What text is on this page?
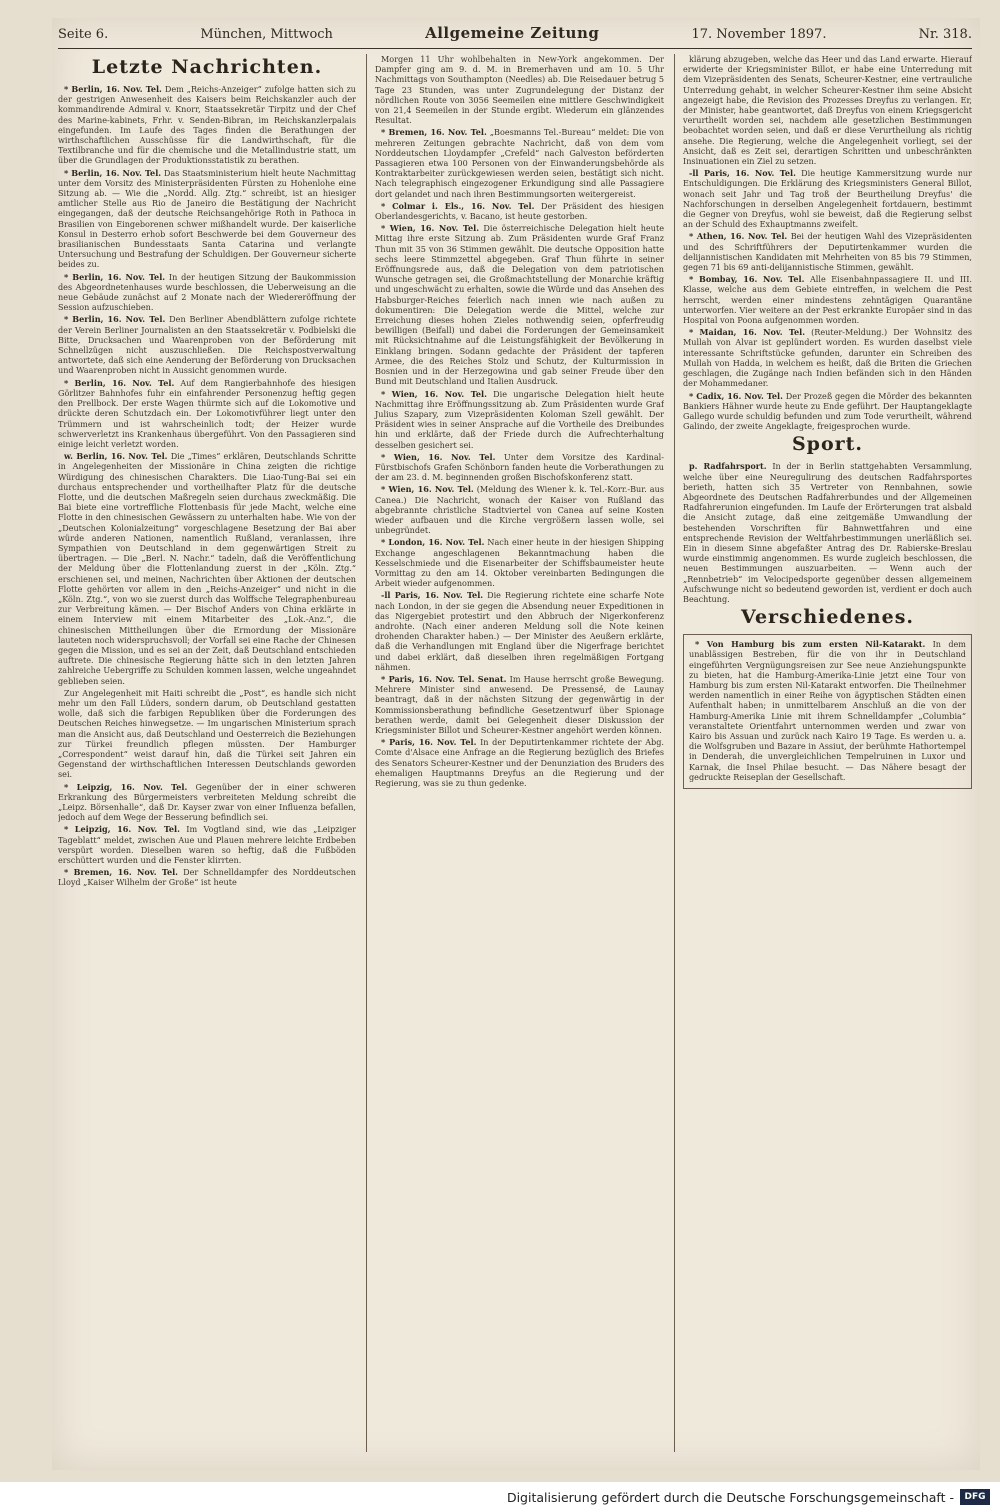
Seite 6.	München, Mittwoch	Allgemeine Zeitung	17. November 1897.	Nr. 318.
Letzte Nachrichten.

* Berlin, 16. Nov. Tel. Dem „Reichs-Anzeiger“ zufolge hatten sich zu der gestrigen Anwesenheit des Kaisers beim Reichskanzler auch der kommandirende Admiral v. Knorr, Staatssekretär Tirpitz und der Chef des Marine-kabinets, Frhr. v. Senden-Bibran, im Reichskanzlerpalais eingefunden. Im Laufe des Tages finden die Berathungen der wirthschaftlichen Ausschüsse für die Landwirthschaft, für die Textilbranche und für die chemische und die Metallindustrie statt, um über die Grundlagen der Produktionsstatistik zu berathen.

* Berlin, 16. Nov. Tel. Das Staatsministerium hielt heute Nachmittag unter dem Vorsitz des Ministerpräsidenten Fürsten zu Hohenlohe eine Sitzung ab. — Wie die „Nordd. Allg. Ztg.“ schreibt, ist an hiesiger amtlicher Stelle aus Rio de Janeiro die Bestätigung der Nachricht eingegangen, daß der deutsche Reichsangehörige Roth in Pathoca in Brasilien von Eingeborenen schwer mißhandelt wurde. Der kaiserliche Konsul in Desterro erhob sofort Beschwerde bei dem Gouverneur des brasilianischen Bundesstaats Santa Catarina und verlangte Untersuchung und Bestrafung der Schuldigen. Der Gouverneur sicherte beides zu.

* Berlin, 16. Nov. Tel. In der heutigen Sitzung der Baukommission des Abgeordnetenhauses wurde beschlossen, die Ueberweisung an die neue Gebäude zunächst auf 2 Monate nach der Wiedereröffnung der Session aufzuschieben.

* Berlin, 16. Nov. Tel. Den Berliner Abendblättern zufolge richtete der Verein Berliner Journalisten an den Staatssekretär v. Podbielski die Bitte, Drucksachen und Waarenproben von der Beförderung mit Schnellzügen nicht auszuschließen. Die Reichspostverwaltung antwortete, daß sich eine Aenderung der Beförderung von Drucksachen und Waarenproben nicht in Aussicht genommen wurde.

* Berlin, 16. Nov. Tel. Auf dem Rangierbahnhofe des hiesigen Görlitzer Bahnhofes fuhr ein einfahrender Personenzug heftig gegen den Prellbock. Der erste Wagen thürmte sich auf die Lokomotive und drückte deren Schutzdach ein. Der Lokomotivführer liegt unter den Trümmern und ist wahrscheinlich todt; der Heizer wurde schwerverletzt ins Krankenhaus übergeführt. Von den Passagieren sind einige leicht verletzt worden.

w. Berlin, 16. Nov. Tel. Die „Times“ erklären, Deutschlands Schritte in Angelegenheiten der Missionäre in China zeigten die richtige Würdigung des chinesischen Charakters. Die Liao-Tung-Bai sei ein durchaus entsprechender und vortheilhafter Platz für die deutsche Flotte, und die deutschen Maßregeln seien durchaus zweckmäßig. Die Bai biete eine vortreffliche Flottenbasis für jede Macht, welche eine Flotte in den chinesischen Gewässern zu unterhalten habe. Wie von der „Deutschen Kolonialzeitung“ vorgeschlagene Besetzung der Bai aber würde anderen Nationen, namentlich Rußland, veranlassen, ihre Sympathien von Deutschland in dem gegenwärtigen Streit zu übertragen. — Die „Berl. N. Nachr.“ tadeln, daß die Veröffentlichung der Meldung über die Flottenlandung zuerst in der „Köln. Ztg.“ erschienen sei, und meinen, Nachrichten über Aktionen der deutschen Flotte gehörten vor allem in den „Reichs-Anzeiger“ und nicht in die „Köln. Ztg.“, von wo sie zuerst durch das Wolffsche Telegraphenbureau zur Verbreitung kämen. — Der Bischof Anders von China erklärte in einem Interview mit einem Mitarbeiter des „Lok.-Anz.“, die chinesischen Mittheilungen über die Ermordung der Missionäre lauteten noch widerspruchsvoll; der Vorfall sei eine Rache der Chinesen gegen die Mission, und es sei an der Zeit, daß Deutschland entschieden auftrete. Die chinesische Regierung hätte sich in den letzten Jahren zahlreiche Uebergriffe zu Schulden kommen lassen, welche ungeahndet geblieben seien.

Zur Angelegenheit mit Haiti schreibt die „Post“, es handle sich nicht mehr um den Fall Lüders, sondern darum, ob Deutschland gestatten wolle, daß sich die farbigen Republiken über die Forderungen des Deutschen Reiches hinwegsetze. — Im ungarischen Ministerium sprach man die Ansicht aus, daß Deutschland und Oesterreich die Beziehungen zur Türkei freundlich pflegen müssten. Der Hamburger „Correspondent“ weist darauf hin, daß die Türkei seit Jahren ein Gegenstand der wirthschaftlichen Interessen Deutschlands geworden sei.

* Leipzig, 16. Nov. Tel. Gegenüber der in einer schweren Erkrankung des Bürgermeisters verbreiteten Meldung schreibt die „Leipz. Börsenhalle“, daß Dr. Kayser zwar von einer Influenza befallen, jedoch auf dem Wege der Besserung befindlich sei.

* Leipzig, 16. Nov. Tel. Im Vogtland sind, wie das „Leipziger Tageblatt“ meldet, zwischen Aue und Plauen mehrere leichte Erdbeben verspürt worden. Dieselben waren so heftig, daß die Fußböden erschüttert wurden und die Fenster klirrten.

* Bremen, 16. Nov. Tel. Der Schnelldampfer des Norddeutschen Lloyd „Kaiser Wilhelm der Große“ ist heute

Morgen 11 Uhr wohlbehalten in New-York angekommen. Der Dampfer ging am 9. d. M. in Bremerhaven und am 10. 5 Uhr Nachmittags von Southampton (Needles) ab. Die Reisedauer betrug 5 Tage 23 Stunden, was unter Zugrundelegung der Distanz der nördlichen Route von 3056 Seemeilen eine mittlere Geschwindigkeit von 21,4 Seemeilen in der Stunde ergibt. Wiederum ein glänzendes Resultat.

* Bremen, 16. Nov. Tel. „Boesmanns Tel.-Bureau“ meldet: Die von mehreren Zeitungen gebrachte Nachricht, daß von dem vom Norddeutschen Lloydampfer „Crefeld“ nach Galveston beförderten Passagieren etwa 100 Personen von der Einwanderungsbehörde als Kontraktarbeiter zurückgewiesen werden seien, bestätigt sich nicht. Nach telegraphisch eingezogener Erkundigung sind alle Passagiere dort gelandet und nach ihren Bestimmungsorten weitergereist.

* Colmar i. Els., 16. Nov. Tel. Der Präsident des hiesigen Oberlandesgerichts, v. Bacano, ist heute gestorben.

* Wien, 16. Nov. Tel. Die österreichische Delegation hielt heute Mittag ihre erste Sitzung ab. Zum Präsidenten wurde Graf Franz Thun mit 35 von 36 Stimmen gewählt. Die deutsche Opposition hatte sechs leere Stimmzettel abgegeben. Graf Thun führte in seiner Eröffnungsrede aus, daß die Delegation von dem patriotischen Wunsche getragen sei, die Großmachtstellung der Monarchie kräftig und ungeschwächt zu erhalten, sowie die Würde und das Ansehen des Habsburger-Reiches feierlich nach innen wie nach außen zu dokumentiren: Die Delegation werde die Mittel, welche zur Erreichung dieses hohen Zieles nothwendig seien, opferfreudig bewilligen (Beifall) und dabei die Forderungen der Gemeinsamkeit mit Rücksichtnahme auf die Leistungsfähigkeit der Bevölkerung in Einklang bringen. Sodann gedachte der Präsident der tapferen Armee, die des Reiches Stolz und Schutz, der Kulturmission in Bosnien und in der Herzegowina und gab seiner Freude über den Bund mit Deutschland und Italien Ausdruck.

* Wien, 16. Nov. Tel. Die ungarische Delegation hielt heute Nachmittag ihre Eröffnungssitzung ab. Zum Präsidenten wurde Graf Julius Szapary, zum Vizepräsidenten Koloman Szell gewählt. Der Präsident wies in seiner Ansprache auf die Vortheile des Dreibundes hin und erklärte, daß der Friede durch die Aufrechterhaltung desselben gesichert sei.

* Wien, 16. Nov. Tel. Unter dem Vorsitze des Kardinal-Fürstbischofs Grafen Schönborn fanden heute die Vorberathungen zu der am 23. d. M. beginnenden großen Bischofskonferenz statt.

* Wien, 16. Nov. Tel. (Meldung des Wiener k. k. Tel.-Korr.-Bur. aus Canea.) Die Nachricht, wonach der Kaiser von Rußland das abgebrannte christliche Stadtviertel von Canea auf seine Kosten wieder aufbauen und die Kirche vergrößern lassen wolle, sei unbegründet.

* London, 16. Nov. Tel. Nach einer heute in der hiesigen Shipping Exchange angeschlagenen Bekanntmachung haben die Kesselschmiede und die Eisenarbeiter der Schiffsbaumeister heute Vormittag zu den am 14. Oktober vereinbarten Bedingungen die Arbeit wieder aufgenommen.

-ll Paris, 16. Nov. Tel. Die Regierung richtete eine scharfe Note nach London, in der sie gegen die Absendung neuer Expeditionen in das Nigergebiet protestirt und den Abbruch der Nigerkonferenz androhte. (Nach einer anderen Meldung soll die Note keinen drohenden Charakter haben.) — Der Minister des Aeußern erklärte, daß die Verhandlungen mit England über die Nigerfrage berichtet und dabei erklärt, daß dieselben ihren regelmäßigen Fortgang nähmen.

* Paris, 16. Nov. Tel. Senat. Im Hause herrscht große Bewegung. Mehrere Minister sind anwesend. De Pressensé, de Launay beantragt, daß in der nächsten Sitzung der gegenwärtig in der Kommissionsberathung befindliche Gesetzentwurf über Spionage berathen werde, damit bei Gelegenheit dieser Diskussion der Kriegsminister Billot und Scheurer-Kestner angehört werden können.

* Paris, 16. Nov. Tel. In der Deputirtenkammer richtete der Abg. Comte d'Alsace eine Anfrage an die Regierung bezüglich des Briefes des Senators Scheurer-Kestner und der Denunziation des Bruders des ehemaligen Hauptmanns Dreyfus an die Regierung und der Regierung, was sie zu thun gedenke.

klärung abzugeben, welche das Heer und das Land erwarte. Hierauf erwiderte der Kriegsminister Billot, er habe eine Unterredung mit dem Vizepräsidenten des Senats, Scheurer-Kestner, eine vertrauliche Unterredung gehabt, in welcher Scheurer-Kestner ihm seine Absicht angezeigt habe, die Revision des Prozesses Dreyfus zu verlangen. Er, der Minister, habe geantwortet, daß Dreyfus von einem Kriegsgericht verurtheilt worden sei, nachdem alle gesetzlichen Bestimmungen beobachtet worden seien, und daß er diese Verurtheilung als richtig ansehe. Die Regierung, welche die Angelegenheit vorliegt, sei der Ansicht, daß es Zeit sei, derartigen Schritten und unbeschränkten Insinuationen ein Ziel zu setzen.

-ll Paris, 16. Nov. Tel. Die heutige Kammersitzung wurde nur Entschuldigungen. Die Erklärung des Kriegsministers General Billot, wonach seit Jahr und Tag troß der Beurtheilung Dreyfus' die Nachforschungen in derselben Angelegenheit fortdauern, bestimmt die Gegner von Dreyfus, wohl sie beweist, daß die Regierung selbst an der Schuld des Exhauptmanns zweifelt.

* Athen, 16. Nov. Tel. Bei der heutigen Wahl des Vizepräsidenten und des Schriftführers der Deputirtenkammer wurden die delijannistischen Kandidaten mit Mehrheiten von 85 bis 79 Stimmen, gegen 71 bis 69 anti-delijannistische Stimmen, gewählt.

* Bombay, 16. Nov. Tel. Alle Eisenbahnpassagiere II. und III. Klasse, welche aus dem Gebiete eintreffen, in welchem die Pest herrscht, werden einer mindestens zehntägigen Quarantäne unterworfen. Vier weitere an der Pest erkrankte Europäer sind in das Hospital von Poona aufgenommen worden.

* Maidan, 16. Nov. Tel. (Reuter-Meldung.) Der Wohnsitz des Mullah von Alvar ist geplündert worden. Es wurden daselbst viele interessante Schriftstücke gefunden, darunter ein Schreiben des Mullah von Hadda, in welchem es heißt, daß die Briten die Griechen geschlagen, die Zugänge nach Indien befänden sich in den Händen der Mohammedaner.

* Cadix, 16. Nov. Tel. Der Prozeß gegen die Mörder des bekannten Bankiers Hähner wurde heute zu Ende geführt. Der Hauptangeklagte Gallego wurde schuldig befunden und zum Tode verurtheilt, während Galindo, der zweite Angeklagte, freigesprochen wurde.

Sport.

p. Radfahrsport. In der in Berlin stattgehabten Versammlung, welche über eine Neuregulirung des deutschen Radfahrsportes berieth, hatten sich 35 Vertreter von Rennbahnen, sowie Abgeordnete des Deutschen Radfahrerbundes und der Allgemeinen Radfahrerunion eingefunden. Im Laufe der Erörterungen trat alsbald die Ansicht zutage, daß eine zeitgemäße Umwandlung der bestehenden Vorschriften für Bahnwettfahren und eine entsprechende Revision der Weltfahrbestimmungen unerläßlich sei. Ein in diesem Sinne abgefaßter Antrag des Dr. Rabierske-Breslau wurde einstimmig angenommen. Es wurde zugleich beschlossen, die neuen Bestimmungen auszuarbeiten. — Wenn auch der „Rennbetrieb“ im Velocipedsporte gegenüber dessen allgemeinem Aufschwunge nicht so bedeutend geworden ist, verdient er doch auch Beachtung.

Verschiedenes.

* Von Hamburg bis zum ersten Nil-Katarakt. In dem unablässigen Bestreben, für die von ihr in Deutschland eingeführten Vergnügungsreisen zur See neue Anziehungspunkte zu bieten, hat die Hamburg-Amerika-Linie jetzt eine Tour von Hamburg bis zum ersten Nil-Katarakt entworfen. Die Theilnehmer werden namentlich in einer Reihe von ägyptischen Städten einen Aufenthalt haben; in unmittelbarem Anschluß an die von der Hamburg-Amerika Linie mit ihrem Schnelldampfer „Columbia“ veranstaltete Orientfahrt unternommen werden und zwar von Kairo bis Assuan und zurück nach Kairo 19 Tage. Es werden u. a. die Wolfsgruben und Bazare in Assiut, der berühmte Hathortempel in Denderah, die unvergleichlichen Tempelruinen in Luxor und Karnak, die Insel Philae besucht. — Das Nähere besagt der gedruckte Reiseplan der Gesellschaft.

Digitalisierung gefördert durch die Deutsche Forschungsgemeinschaft -	DFG
